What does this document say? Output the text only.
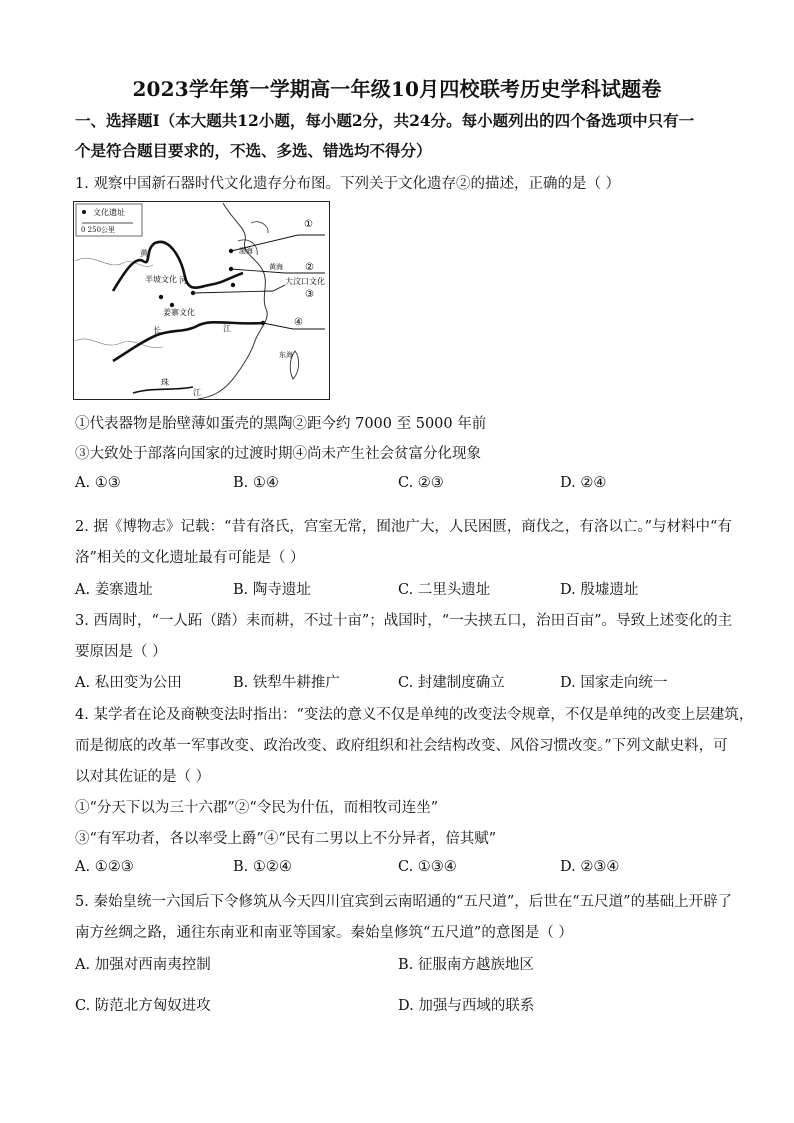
2023学年第一学期高一年级10月四校联考历史学科试题卷
一、选择题Ⅰ（本大题共12小题，每小题2分，共24分。每小题列出的四个备选项中只有一
个是符合题目要求的，不选、多选、错选均不得分）
1. 观察中国新石器时代文化遗存分布图。下列关于文化遗存②的描述，正确的是（ ）
文化遗址
0 250公里	①
②
大汶口文化
③
④
半坡文化
姜寨文化
河
黄	渤海
黄海
东海
长	江
珠
江
①代表器物是胎壁薄如蛋壳的黑陶②距今约 7000 至 5000 年前
③大致处于部落向国家的过渡时期④尚未产生社会贫富分化现象
A. ①③	B. ①④	C. ②③	D. ②④
2. 据《博物志》记载：“昔有洛氏，宫室无常，囿池广大，人民困匮，商伐之，有洛以亡。”与材料中“有
洛”相关的文化遗址最有可能是（ ）
A. 姜寨遗址	B. 陶寺遗址	C. 二里头遗址	D. 殷墟遗址
3. 西周时，“一人跖（踏）耒而耕，不过十亩”；战国时，“一夫挟五口，治田百亩”。导致上述变化的主
要原因是（ ）
A. 私田变为公田	B. 铁犁牛耕推广	C. 封建制度确立	D. 国家走向统一
4. 某学者在论及商鞅变法时指出：“变法的意义不仅是单纯的改变法令规章，不仅是单纯的改变上层建筑，
而是彻底的改革一军事改变、政治改变、政府组织和社会结构改变、风俗习惯改变。”下列文献史料，可
以对其佐证的是（ ）
①“分天下以为三十六郡”②“令民为什伍，而相牧司连坐”
③“有军功者，各以率受上爵”④“民有二男以上不分异者，倍其赋”
A. ①②③	B. ①②④	C. ①③④	D. ②③④
5. 秦始皇统一六国后下令修筑从今天四川宜宾到云南昭通的“五尺道”，后世在“五尺道”的基础上开辟了
南方丝绸之路，通往东南亚和南亚等国家。秦始皇修筑“五尺道”的意图是（ ）
A. 加强对西南夷控制	B. 征服南方越族地区
C. 防范北方匈奴进攻	D. 加强与西域的联系
